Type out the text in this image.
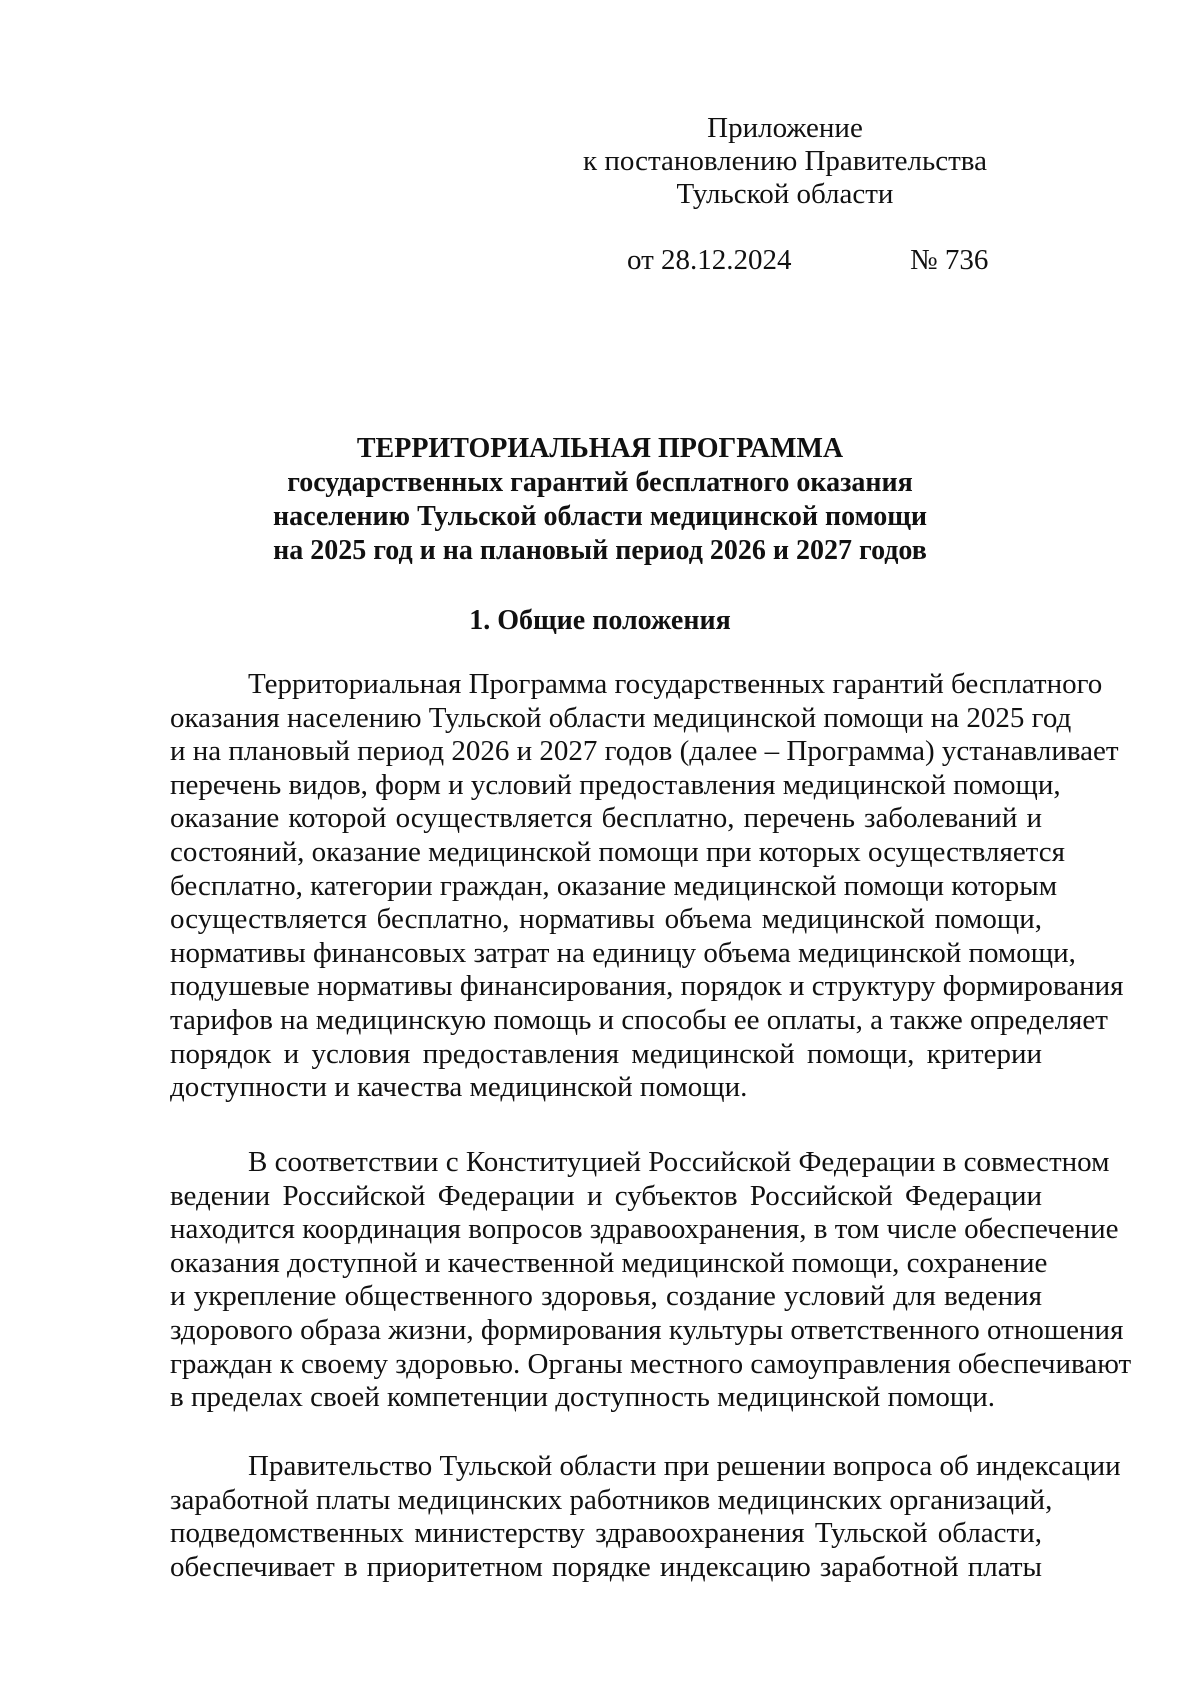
Приложение
к постановлению Правительства
Тульской области
от 28.12.2024	№ 736
ТЕРРИТОРИАЛЬНАЯ ПРОГРАММА
государственных гарантий бесплатного оказания
населению Тульской области медицинской помощи
на 2025 год и на плановый период 2026 и 2027 годов
1. Общие положения
Территориальная Программа государственных гарантий бесплатного
оказания населению Тульской области медицинской помощи на 2025 год
и на плановый период 2026 и 2027 годов (далее – Программа) устанавливает
перечень видов, форм и условий предоставления медицинской помощи,
оказание которой осуществляется бесплатно, перечень заболеваний и
состояний, оказание медицинской помощи при которых осуществляется
бесплатно, категории граждан, оказание медицинской помощи которым
осуществляется бесплатно, нормативы объема медицинской помощи,
нормативы финансовых затрат на единицу объема медицинской помощи,
подушевые нормативы финансирования, порядок и структуру формирования
тарифов на медицинскую помощь и способы ее оплаты, а также определяет
порядок и условия предоставления медицинской помощи, критерии
доступности и качества медицинской помощи.
В соответствии с Конституцией Российской Федерации в совместном
ведении Российской Федерации и субъектов Российской Федерации
находится координация вопросов здравоохранения, в том числе обеспечение
оказания доступной и качественной медицинской помощи, сохранение
и укрепление общественного здоровья, создание условий для ведения
здорового образа жизни, формирования культуры ответственного отношения
граждан к своему здоровью. Органы местного самоуправления обеспечивают
в пределах своей компетенции доступность медицинской помощи.
Правительство Тульской области при решении вопроса об индексации
заработной платы медицинских работников медицинских организаций,
подведомственных министерству здравоохранения Тульской области,
обеспечивает в приоритетном порядке индексацию заработной платы
